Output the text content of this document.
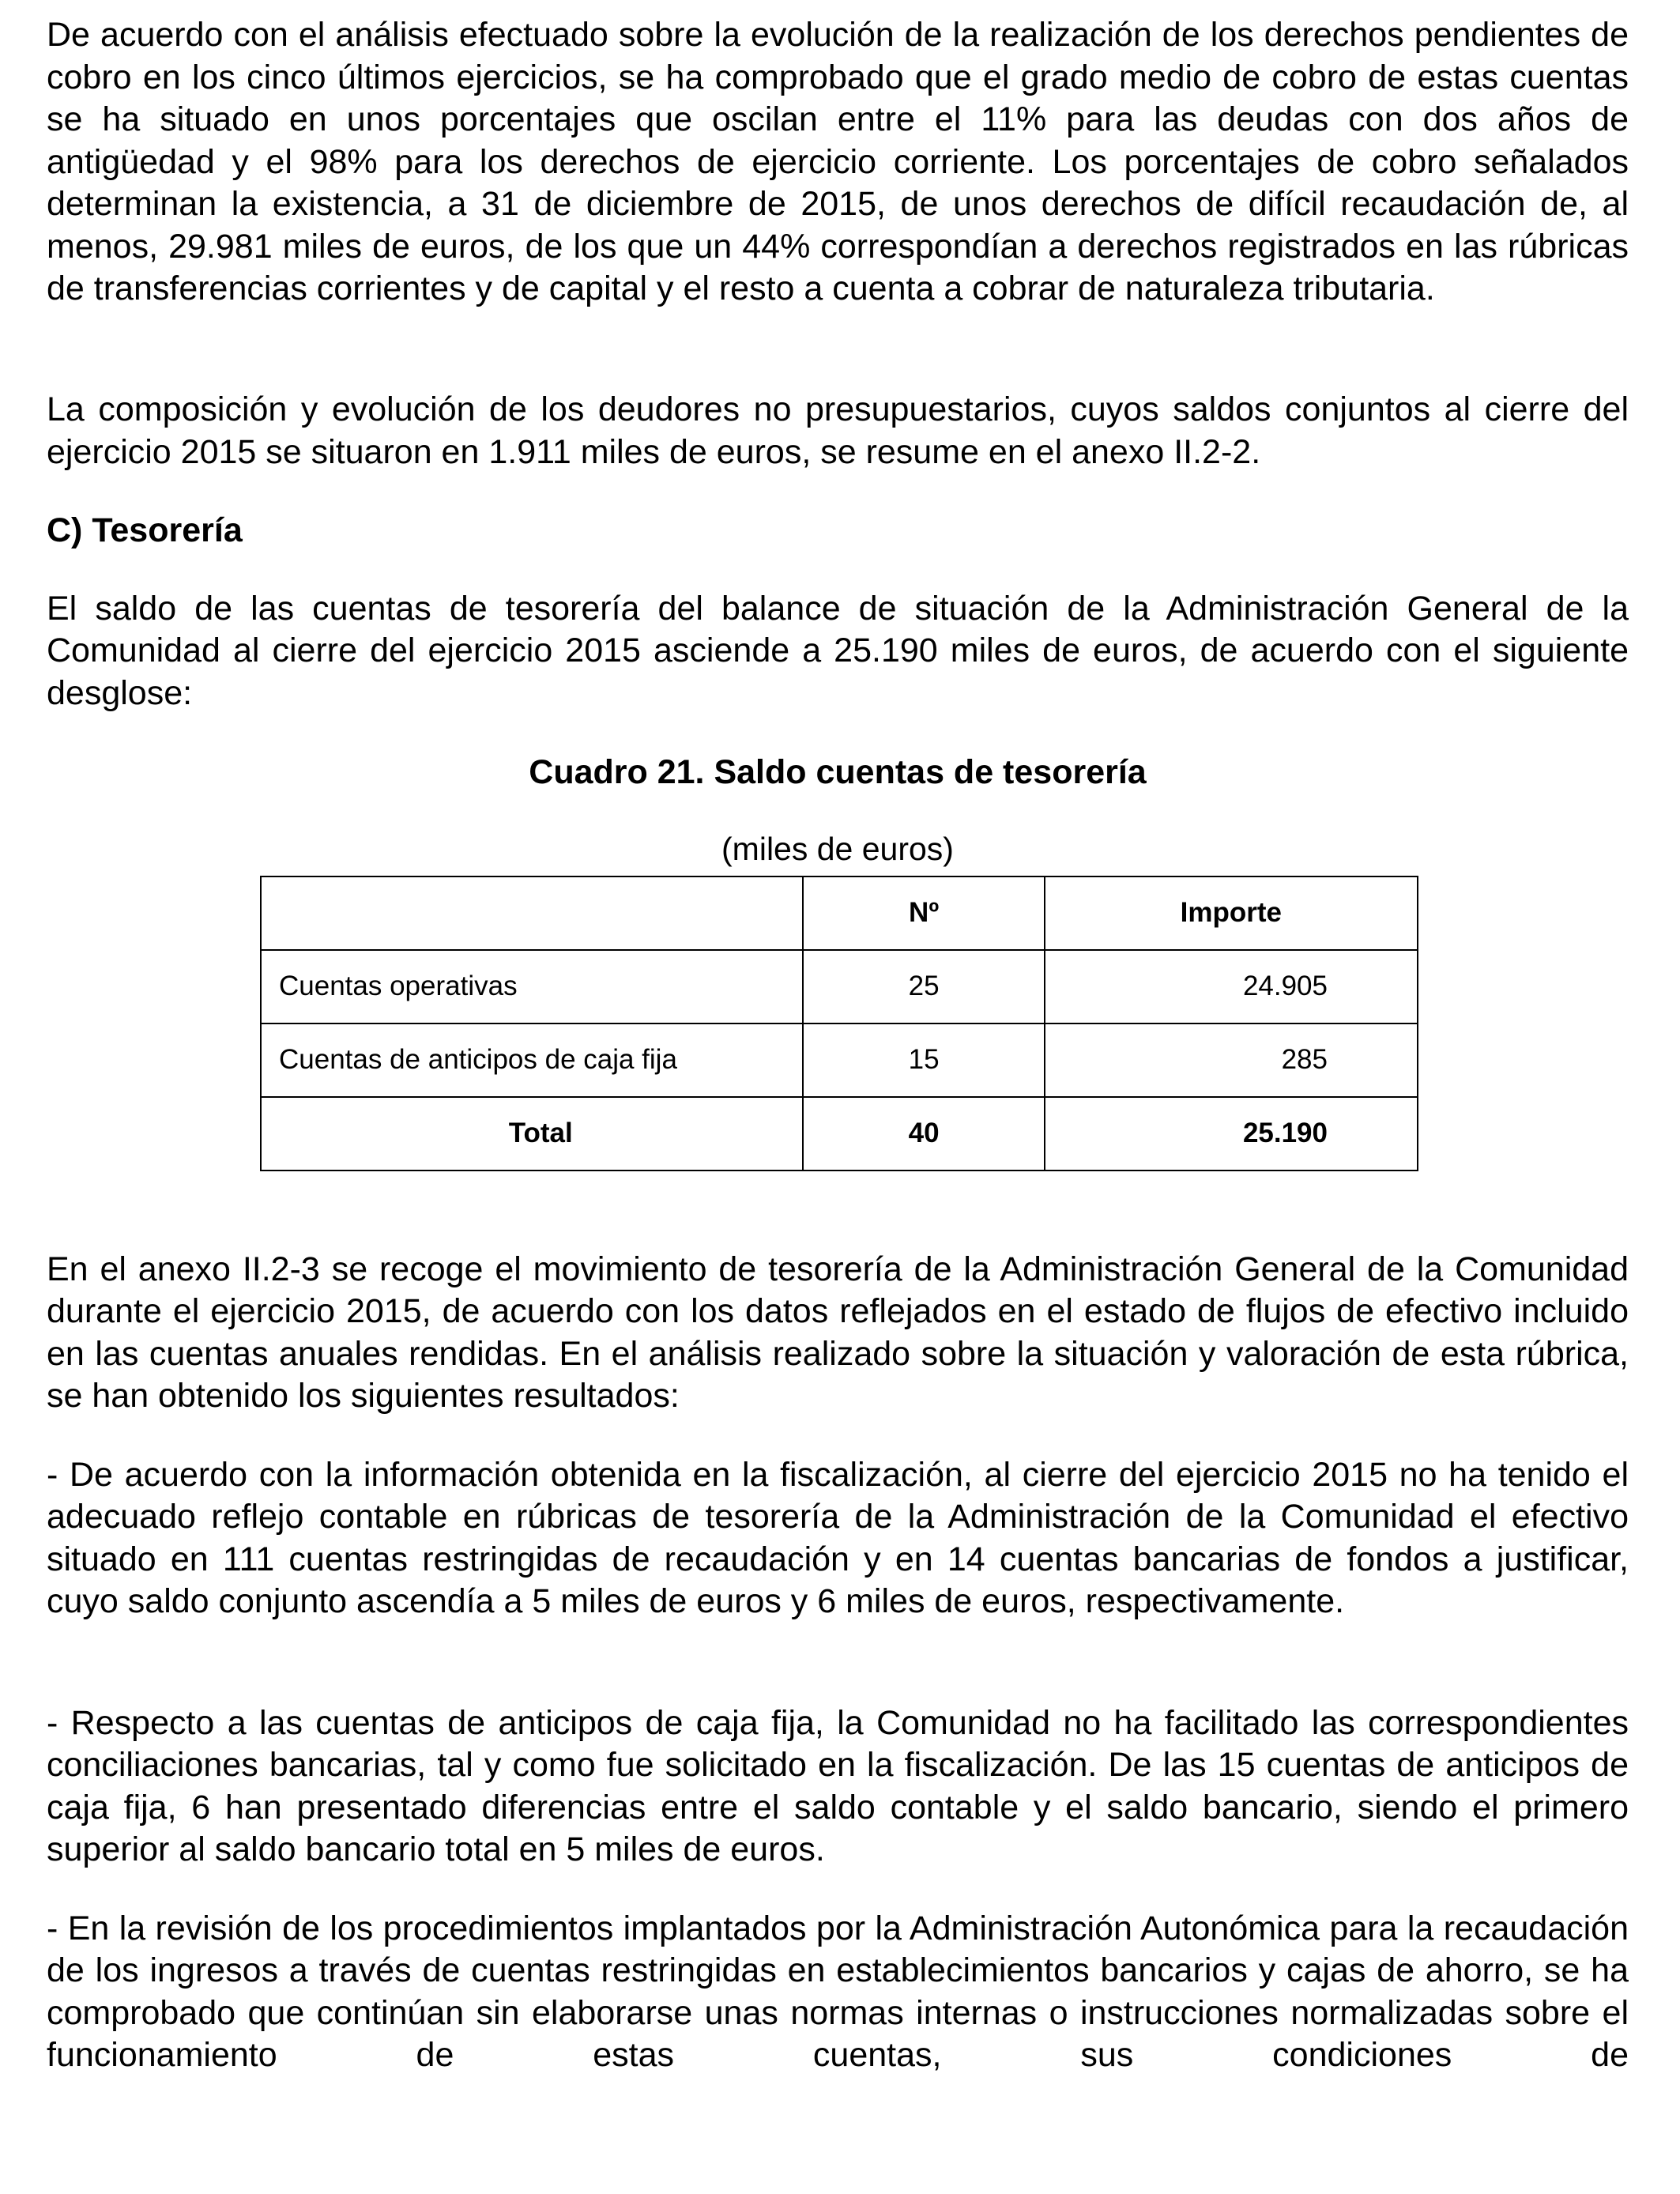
De acuerdo con el análisis efectuado sobre la evolución de la realización de los derechos pendientes de cobro en los cinco últimos ejercicios, se ha comprobado que el grado medio de cobro de estas cuentas se ha situado en unos porcentajes que oscilan entre el 11% para las deudas con dos años de antigüedad y el 98% para los derechos de ejercicio corriente. Los porcentajes de cobro señalados determinan la existencia, a 31 de diciembre de 2015, de unos derechos de difícil recaudación de, al menos, 29.981 miles de euros, de los que un 44% correspondían a derechos registrados en las rúbricas de transferencias corrientes y de capital y el resto a cuenta a cobrar de naturaleza tributaria.

La composición y evolución de los deudores no presupuestarios, cuyos saldos conjuntos al cierre del ejercicio 2015 se situaron en 1.911 miles de euros, se resume en el anexo II.2-2.

C) Tesorería

El saldo de las cuentas de tesorería del balance de situación de la Administración General de la Comunidad al cierre del ejercicio 2015 asciende a 25.190 miles de euros, de acuerdo con el siguiente desglose:

Cuadro 21. Saldo cuentas de tesorería

(miles de euros)

	Nº	Importe
Cuentas operativas	25	24.905
Cuentas de anticipos de caja fija	15	285
Total	40	25.190

En el anexo II.2-3 se recoge el movimiento de tesorería de la Administración General de la Comunidad durante el ejercicio 2015, de acuerdo con los datos reflejados en el estado de flujos de efectivo incluido en las cuentas anuales rendidas. En el análisis realizado sobre la situación y valoración de esta rúbrica, se han obtenido los siguientes resultados:

- De acuerdo con la información obtenida en la fiscalización, al cierre del ejercicio 2015 no ha tenido el adecuado reflejo contable en rúbricas de tesorería de la Administración de la Comunidad el efectivo situado en 111 cuentas restringidas de recaudación y en 14 cuentas bancarias de fondos a justificar, cuyo saldo conjunto ascendía a 5 miles de euros y 6 miles de euros, respectivamente.

- Respecto a las cuentas de anticipos de caja fija, la Comunidad no ha facilitado las correspondientes conciliaciones bancarias, tal y como fue solicitado en la fiscalización. De las 15 cuentas de anticipos de caja fija, 6 han presentado diferencias entre el saldo contable y el saldo bancario, siendo el primero superior al saldo bancario total en 5 miles de euros.

- En la revisión de los procedimientos implantados por la Administración Autonómica para la recaudación de los ingresos a través de cuentas restringidas en establecimientos bancarios y cajas de ahorro, se ha comprobado que continúan sin elaborarse unas normas internas o instrucciones normalizadas sobre el funcionamiento de estas cuentas, sus condiciones de
